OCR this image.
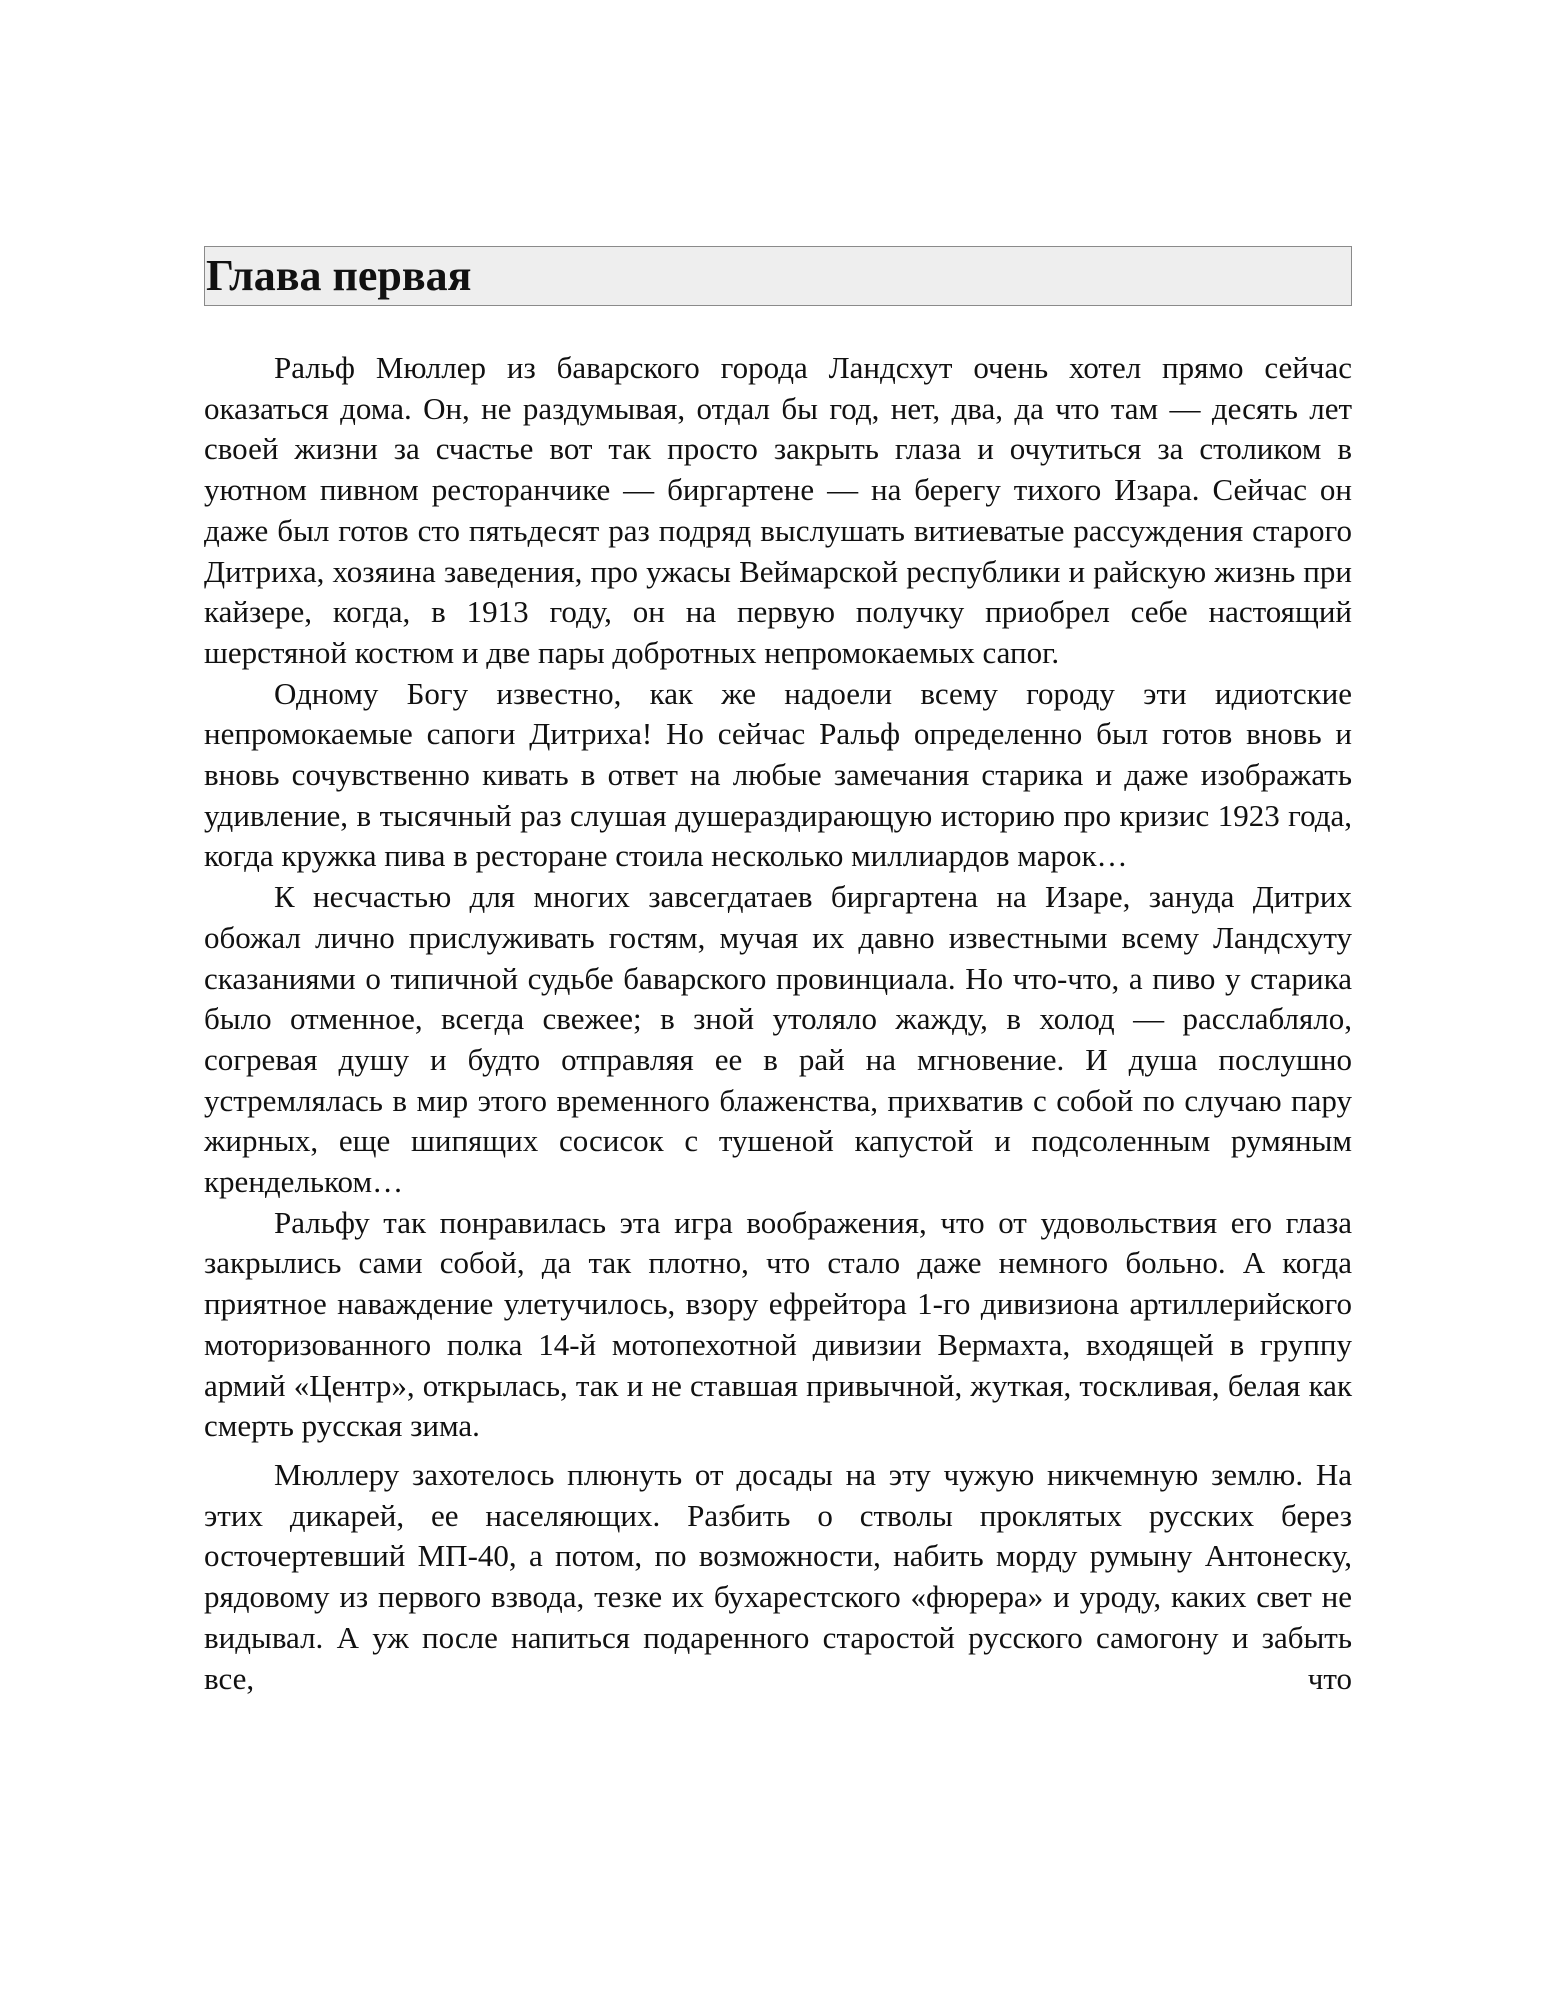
Глава первая

Ральф Мюллер из баварского города Ландсхут очень хотел прямо сейчас оказаться дома. Он, не раздумывая, отдал бы год, нет, два, да что там — десять лет своей жизни за счастье вот так просто закрыть глаза и очутиться за столиком в уютном пивном ресторанчике — биргартене — на берегу тихого Изара. Сейчас он даже был готов сто пятьдесят раз подряд выслушать витиеватые рассуждения старого Дитриха, хозяина заведения, про ужасы Веймарской республики и райскую жизнь при кайзере, когда, в 1913 году, он на первую получку приобрел себе настоящий шерстяной костюм и две пары добротных непромокаемых сапог.

Одному Богу известно, как же надоели всему городу эти идиотские непромокаемые сапоги Дитриха! Но сейчас Ральф определенно был готов вновь и вновь сочувственно кивать в ответ на любые замечания старика и даже изображать удивление, в тысячный раз слушая душераздирающую историю про кризис 1923 года, когда кружка пива в ресторане стоила несколько миллиардов марок…

К несчастью для многих завсегдатаев биргартена на Изаре, зануда Дитрих обожал лично прислуживать гостям, мучая их давно известными всему Ландсхуту сказаниями о типичной судьбе баварского провинциала. Но что-что, а пиво у старика было отменное, всегда свежее; в зной утоляло жажду, в холод — расслабляло, согревая душу и будто отправляя ее в рай на мгновение. И душа послушно устремлялась в мир этого временного блаженства, прихватив с собой по случаю пару жирных, еще шипящих сосисок с тушеной капустой и подсоленным румяным крендельком…

Ральфу так понравилась эта игра воображения, что от удовольствия его глаза закрылись сами собой, да так плотно, что стало даже немного больно. А когда приятное наваждение улетучилось, взору ефрейтора 1-го дивизиона артиллерийского моторизованного полка 14-й мотопехотной дивизии Вермахта, входящей в группу армий «Центр», открылась, так и не ставшая привычной, жуткая, тоскливая, белая как смерть русская зима.

Мюллеру захотелось плюнуть от досады на эту чужую никчемную землю. На этих дикарей, ее населяющих. Разбить о стволы проклятых русских берез осточертевший МП-40, а потом, по возможности, набить морду румыну Антонеску, рядовому из первого взвода, тезке их бухарестского «фюрера» и уроду, каких свет не видывал. А уж после напиться подаренного старостой русского самогону и забыть все, что
